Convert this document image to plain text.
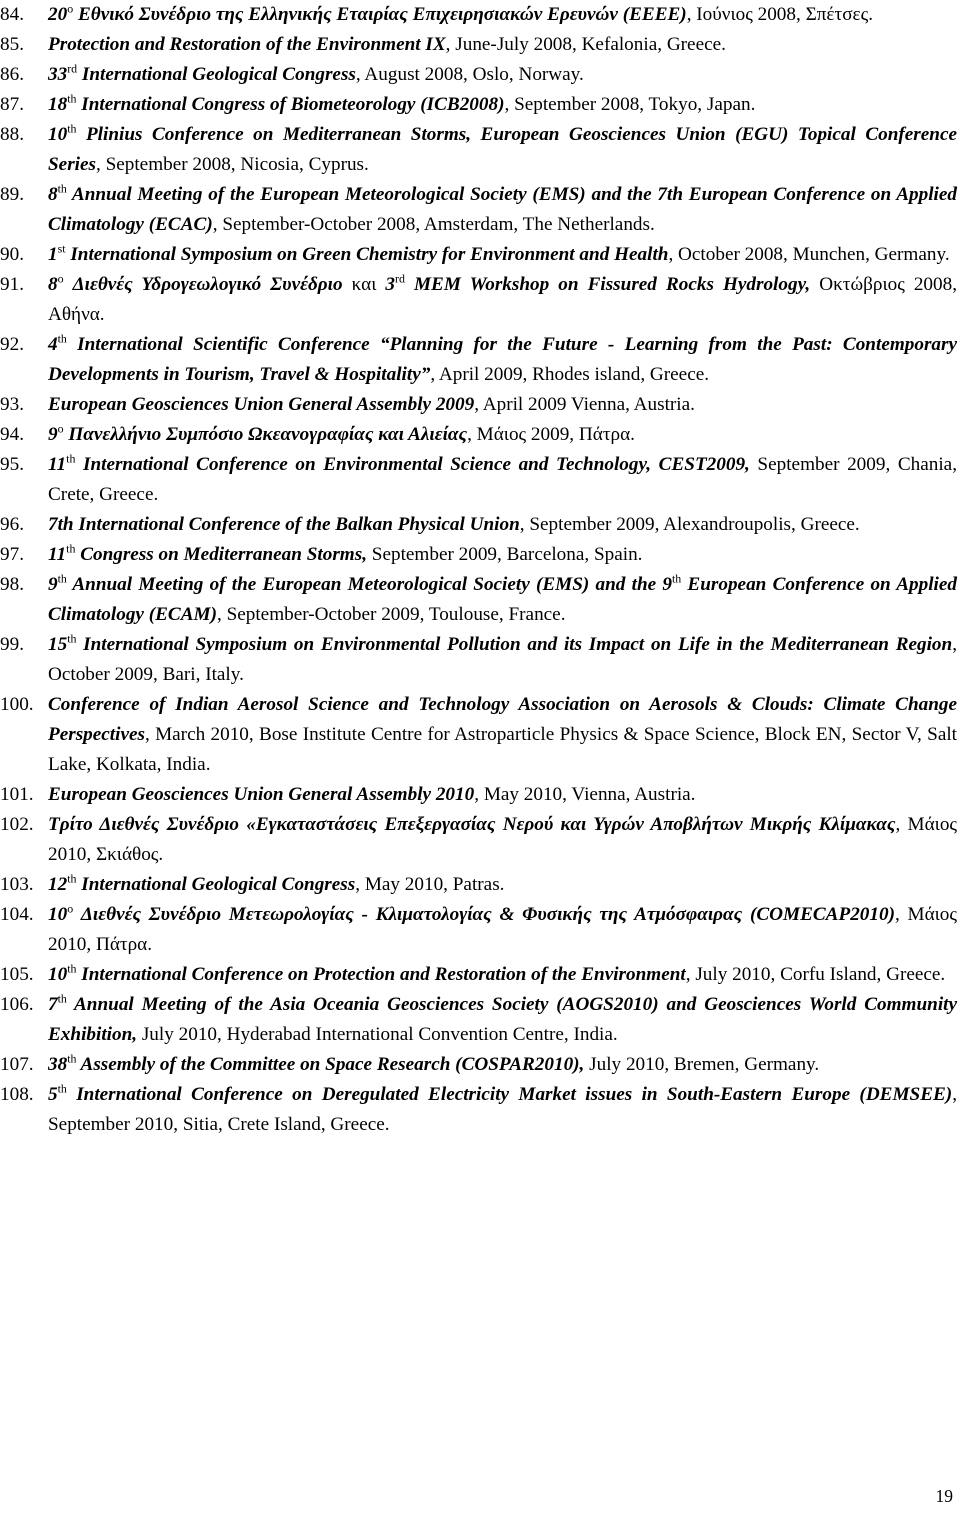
84.	20$^o$ Εθνικό Συνέδριο της Ελληνικής Εταιρίας Επιχειρησιακών Ερευνών (ΕΕΕΕ), Ιούνιος 2008, Σπέτσες.
85.	Protection and Restoration of the Environment IX, June-July 2008, Kefalonia, Greece.
86.	33rd International Geological Congress, August 2008, Oslo, Norway.
87.	18th International Congress of Biometeorology (ICB2008), September 2008, Tokyo, Japan.
88.	10th Plinius Conference on Mediterranean Storms, European Geosciences Union (EGU) Topical Conference Series, September 2008, Nicosia, Cyprus.
89.	8th Annual Meeting of the European Meteorological Society (EMS) and the 7th European Conference on Applied Climatology (ECAC), September-October 2008, Amsterdam, The Netherlands.
90.	1st International Symposium on Green Chemistry for Environment and Health, October 2008, Munchen, Germany.
91.	8$^o$ Διεθνές Υδρογεωλογικό Συνέδριο και 3rd MEM Workshop on Fissured Rocks Hydrology, Οκτώβριος 2008, Αθήνα.
92.	4th International Scientific Conference “Planning for the Future - Learning from the Past: Contemporary Developments in Tourism, Travel & Hospitality”, April 2009, Rhodes island, Greece.
93.	European Geosciences Union General Assembly 2009, April 2009 Vienna, Austria.
94.	9$^o$ Πανελλήνιο Συμπόσιο Ωκεανογραφίας και Αλιείας, Μάιος 2009, Πάτρα.
95.	11th International Conference on Environmental Science and Technology, CEST2009, September 2009, Chania, Crete, Greece.
96.	7th International Conference of the Balkan Physical Union, September 2009, Alexandroupolis, Greece.
97.	11th Congress on Mediterranean Storms, September 2009, Barcelona, Spain.
98.	9th Annual Meeting of the European Meteorological Society (EMS) and the 9th European Conference on Applied Climatology (ECAM), September-October 2009, Toulouse, France.
99.	15th International Symposium on Environmental Pollution and its Impact on Life in the Mediterranean Region, October 2009, Bari, Italy.
100. Conference of Indian Aerosol Science and Technology Association on Aerosols & Clouds: Climate Change Perspectives, March 2010, Bose Institute Centre for Astroparticle Physics & Space Science, Block EN, Sector V, Salt Lake, Kolkata, India.
101. European Geosciences Union General Assembly 2010, May 2010, Vienna, Austria.
102. Τρίτο Διεθνές Συνέδριο «Εγκαταστάσεις Επεξεργασίας Νερού και Υγρών Αποβλήτων Μικρής Κλίμακας, Μάιος 2010, Σκιάθος.
103. 12th International Geological Congress, May 2010, Patras.
104. 10$^o$ Διεθνές Συνέδριο Μετεωρολογίας - Κλιματολογίας & Φυσικής της Ατμόσφαιρας (COMECAP2010), Μάιος 2010, Πάτρα.
105. 10th International Conference on Protection and Restoration of the Environment, July 2010, Corfu Island, Greece.
106. 7th Annual Meeting of the Asia Oceania Geosciences Society (AOGS2010) and Geosciences World Community Exhibition, July 2010, Hyderabad International Convention Centre, India.
107. 38th Assembly of the Committee on Space Research (COSPAR2010), July 2010, Bremen, Germany.
108. 5th International Conference on Deregulated Electricity Market issues in South-Eastern Europe (DEMSEE), September 2010, Sitia, Crete Island, Greece.
19
